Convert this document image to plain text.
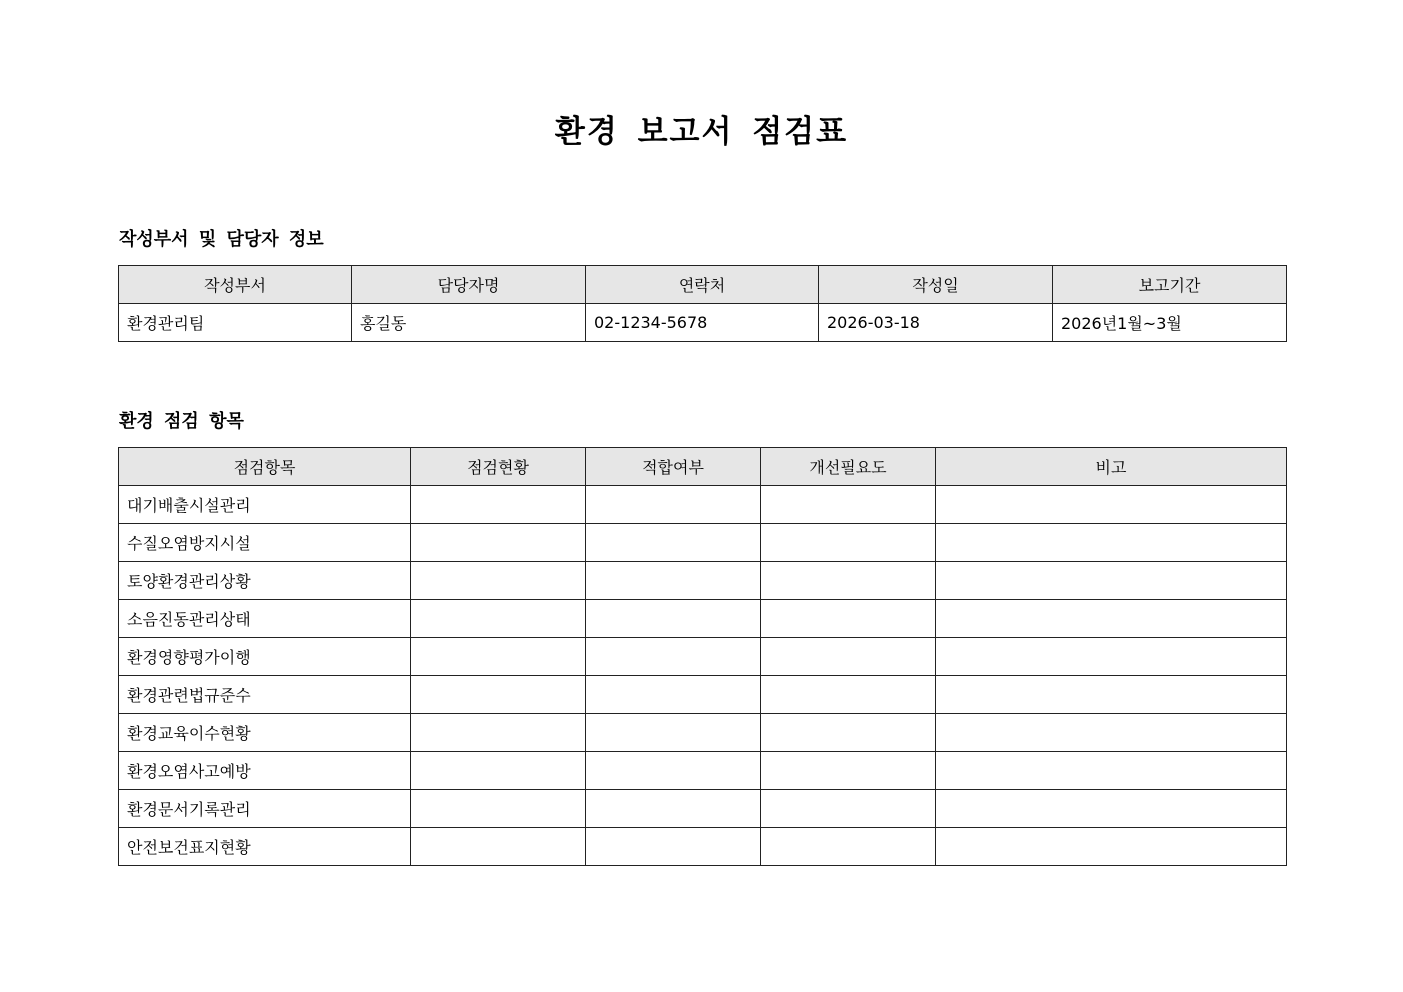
환경 보고서 점검표
작성부서 및 담당자 정보
작성부서	담당자명	연락처	작성일	보고기간
환경관리팀	홍길동	02-1234-5678	2026-03-18	2026년1월~3월
환경 점검 항목
점검항목	점검현황	적합여부	개선필요도	비고
대기배출시설관리				
수질오염방지시설				
토양환경관리상황				
소음진동관리상태				
환경영향평가이행				
환경관련법규준수				
환경교육이수현황				
환경오염사고예방				
환경문서기록관리				
안전보건표지현황				
